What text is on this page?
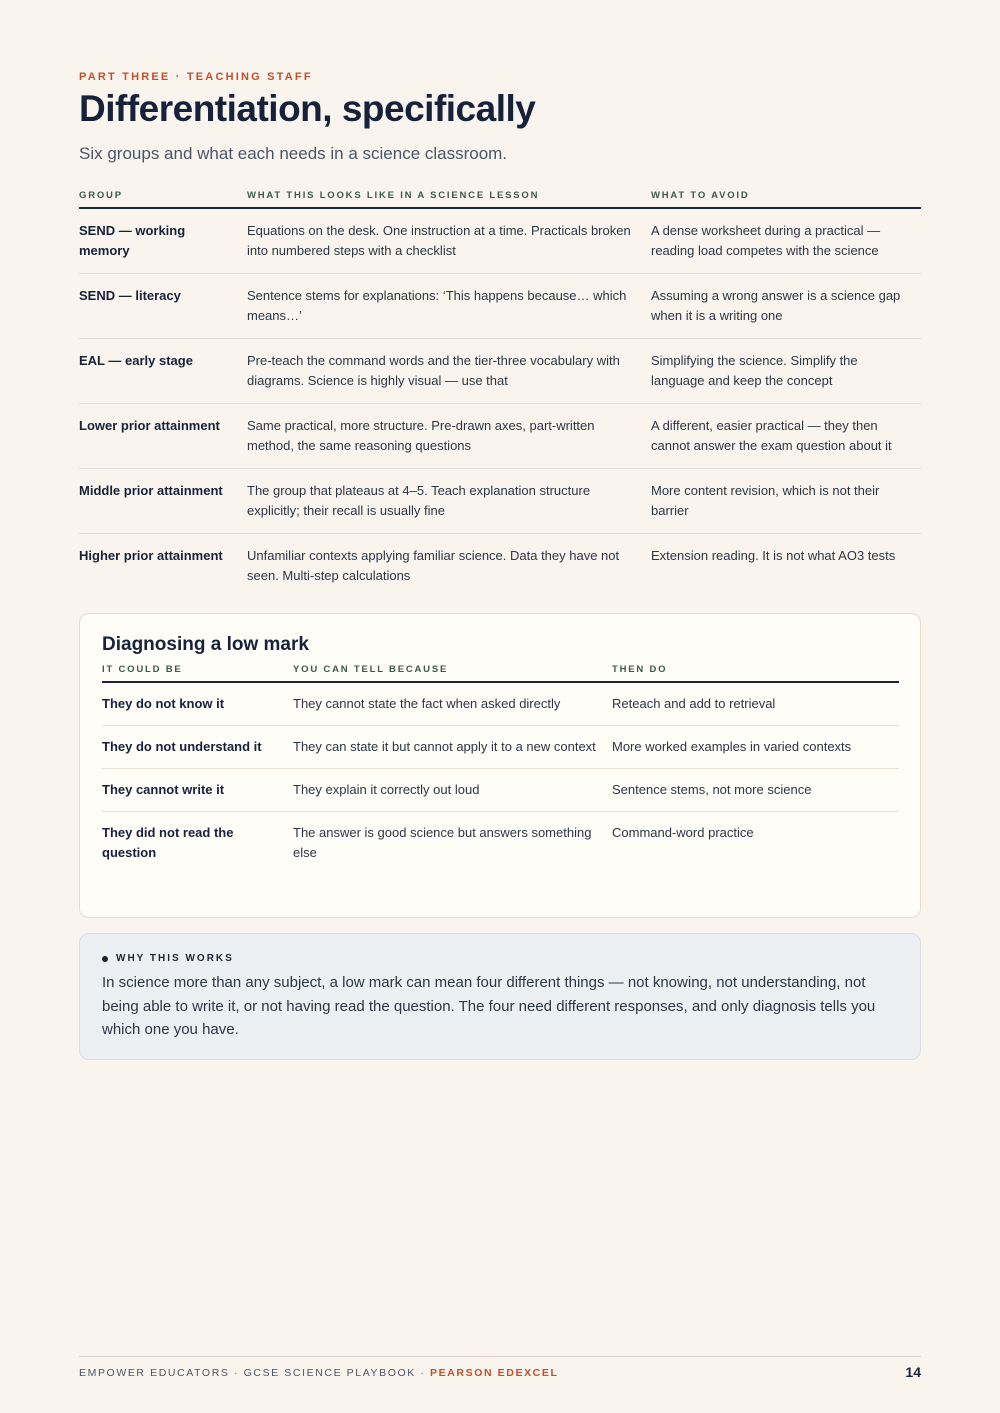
PART THREE · TEACHING STAFF
Differentiation, specifically
Six groups and what each needs in a science classroom.
GROUP	WHAT THIS LOOKS LIKE IN A SCIENCE LESSON	WHAT TO AVOID
SEND — working memory	Equations on the desk. One instruction at a time. Practicals broken into numbered steps with a checklist	A dense worksheet during a practical — reading load competes with the science
SEND — literacy	Sentence stems for explanations: ‘This happens because… which means…’	Assuming a wrong answer is a science gap when it is a writing one
EAL — early stage	Pre-teach the command words and the tier-three vocabulary with diagrams. Science is highly visual — use that	Simplifying the science. Simplify the language and keep the concept
Lower prior attainment	Same practical, more structure. Pre-drawn axes, part-written method, the same reasoning questions	A different, easier practical — they then cannot answer the exam question about it
Middle prior attainment	The group that plateaus at 4–5. Teach explanation structure explicitly; their recall is usually fine	More content revision, which is not their barrier
Higher prior attainment	Unfamiliar contexts applying familiar science. Data they have not seen. Multi-step calculations	Extension reading. It is not what AO3 tests
Diagnosing a low mark
IT COULD BE	YOU CAN TELL BECAUSE	THEN DO
They do not know it	They cannot state the fact when asked directly	Reteach and add to retrieval
They do not understand it	They can state it but cannot apply it to a new context	More worked examples in varied contexts
They cannot write it	They explain it correctly out loud	Sentence stems, not more science
They did not read the question	The answer is good science but answers something else	Command-word practice
WHY THIS WORKS
In science more than any subject, a low mark can mean four different things — not knowing, not understanding, not being able to write it, or not having read the question. The four need different responses, and only diagnosis tells you which one you have.
EMPOWER EDUCATORS · GCSE SCIENCE PLAYBOOK · PEARSON EDEXCEL	14
